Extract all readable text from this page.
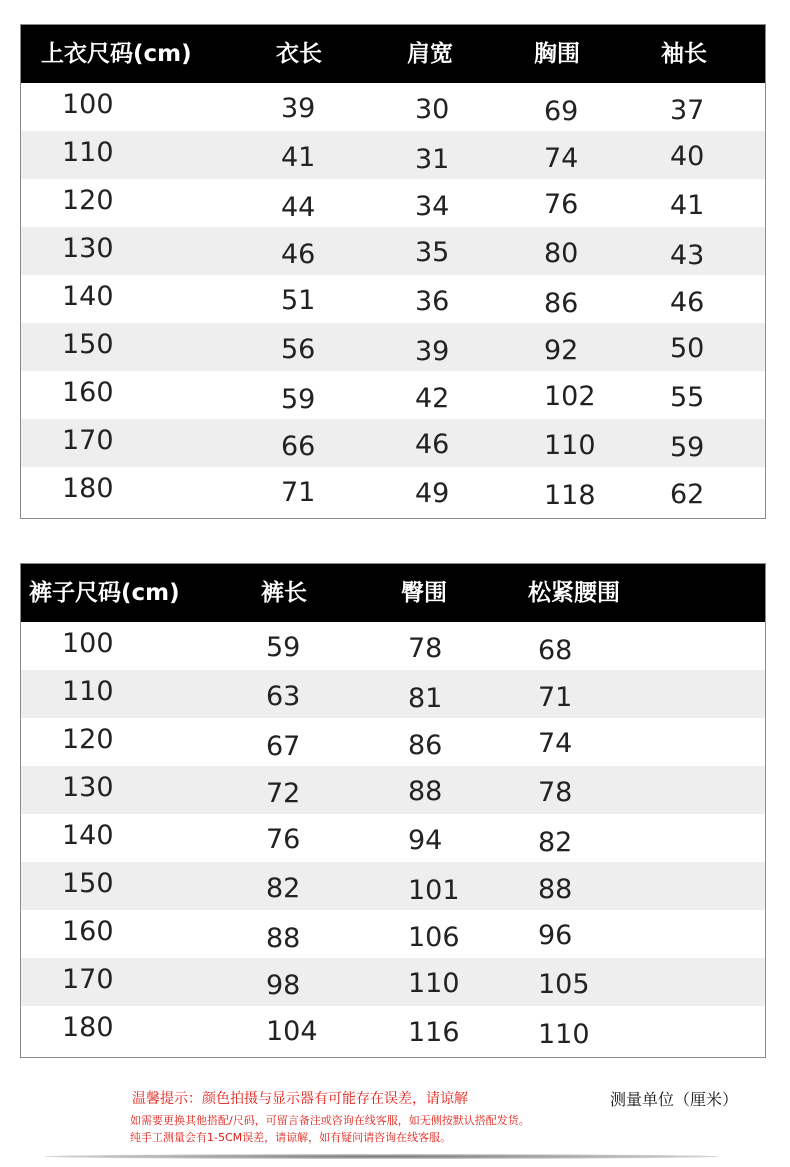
上衣尺码(cm)	衣长	肩宽	胸围	袖长
100	39	30	69	37
110	41	31	74	40
120	44	34	76	41
130	46	35	80	43
140	51	36	86	46
150	56	39	92	50
160	59	42	102	55
170	66	46	110	59
180	71	49	118	62
裤子尺码(cm)	裤长	臀围	松紧腰围
100	59	78	68
110	63	81	71
120	67	86	74
130	72	88	78
140	76	94	82
150	82	101	88
160	88	106	96
170	98	110	105
180	104	116	110
温馨提示：颜色拍摄与显示器有可能存在误差，请谅解	测量单位（厘米）
如需要更换其他搭配/尺码，可留言备注或咨询在线客服，如无侧按默认搭配发货。
纯手工测量会有1-5CM误差，请谅解，如有疑问请咨询在线客服。
